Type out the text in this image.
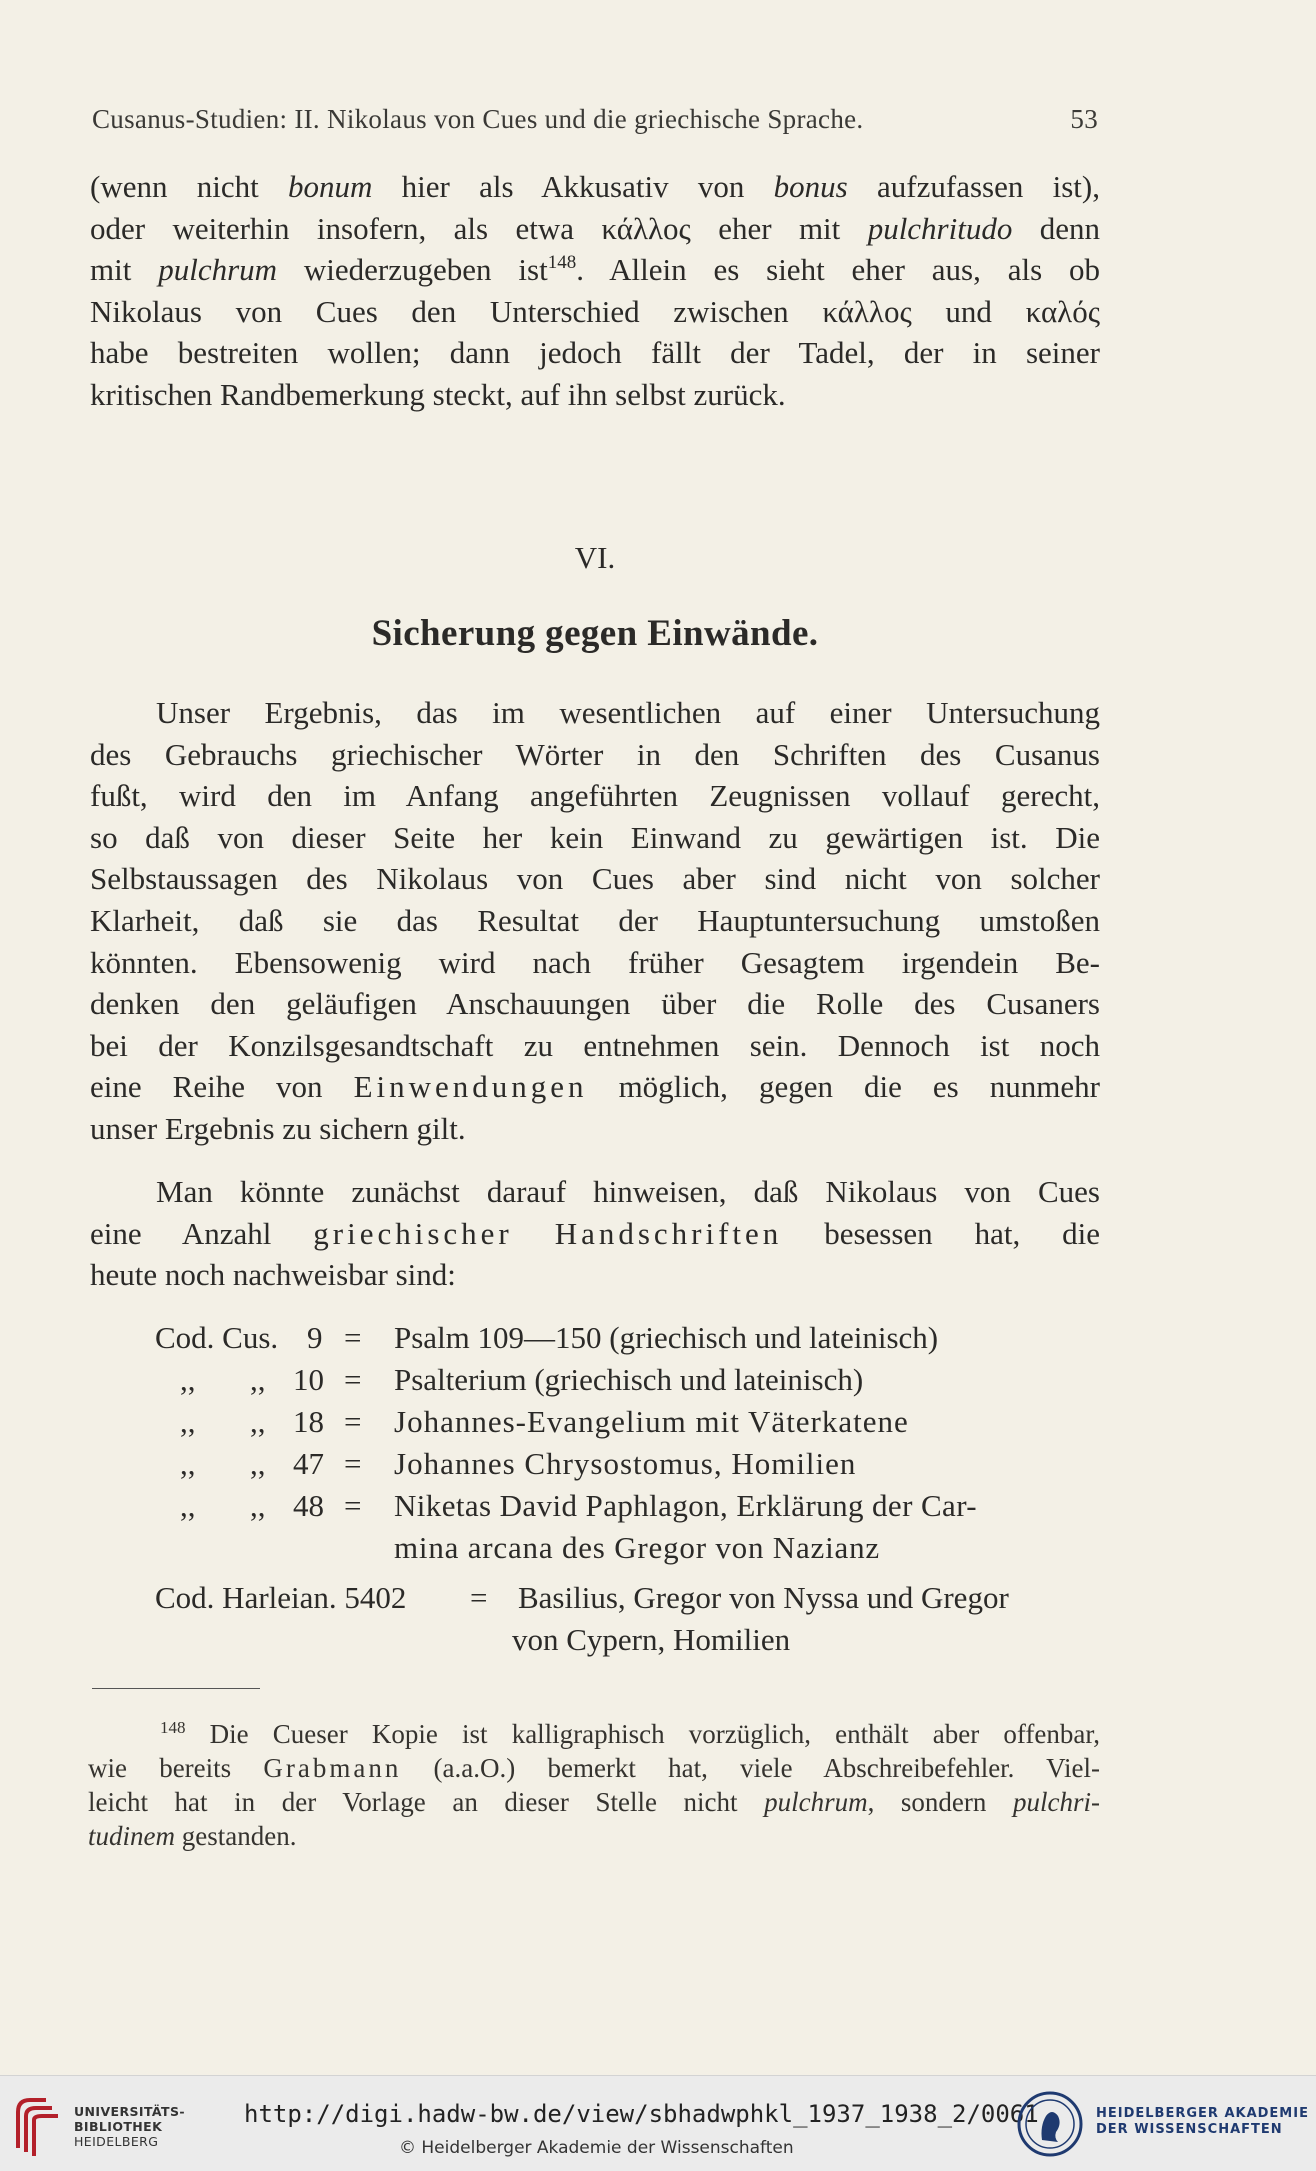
Cusanus-Studien: II. Nikolaus von Cues und die griechische Sprache.	53
(wenn nicht bonum hier als Akkusativ von bonus aufzufassen ist),
oder weiterhin insofern, als etwa κάλλος eher mit pulchritudo denn
mit pulchrum wiederzugeben ist$^{148}$. Allein es sieht eher aus, als ob
Nikolaus von Cues den Unterschied zwischen κάλλος und καλός
habe bestreiten wollen; dann jedoch fällt der Tadel, der in seiner
kritischen Randbemerkung steckt, auf ihn selbst zurück.
VI.
Sicherung gegen Einwände.
Unser Ergebnis, das im wesentlichen auf einer Untersuchung
des Gebrauchs griechischer Wörter in den Schriften des Cusanus
fußt, wird den im Anfang angeführten Zeugnissen vollauf gerecht,
so daß von dieser Seite her kein Einwand zu gewärtigen ist. Die
Selbstaussagen des Nikolaus von Cues aber sind nicht von solcher
Klarheit, daß sie das Resultat der Hauptuntersuchung umstoßen
könnten. Ebensowenig wird nach früher Gesagtem irgendein Be-
denken den geläufigen Anschauungen über die Rolle des Cusaners
bei der Konzilsgesandtschaft zu entnehmen sein. Dennoch ist noch
eine Reihe von Einwendungen möglich, gegen die es nunmehr
unser Ergebnis zu sichern gilt.
Man könnte zunächst darauf hinweisen, daß Nikolaus von Cues
eine Anzahl griechischer Handschriften besessen hat, die
heute noch nachweisbar sind:
Cod. Cus. 9 = Psalm 109—150 (griechisch und lateinisch)
,, ,, 10 = Psalterium (griechisch und lateinisch)
,, ,, 18 = Johannes-Evangelium mit Väterkatene
,, ,, 47 = Johannes Chrysostomus, Homilien
,, ,, 48 = Niketas David Paphlagon, Erklärung der Car-
mina arcana des Gregor von Nazianz
Cod. Harleian. 5402 = Basilius, Gregor von Nyssa und Gregor
von Cypern, Homilien
$^{148}$ Die Cueser Kopie ist kalligraphisch vorzüglich, enthält aber offenbar,
wie bereits Grabmann (a.a.O.) bemerkt hat, viele Abschreibefehler. Viel-
leicht hat in der Vorlage an dieser Stelle nicht pulchrum, sondern pulchri-
tudinem gestanden.
UNIVERSITÄTS-
BIBLIOTHEK
HEIDELBERG
http://digi.hadw-bw.de/view/sbhadwphkl_1937_1938_2/0061
© Heidelberger Akademie der Wissenschaften
HEIDELBERGER AKADEMIE
DER WISSENSCHAFTEN
